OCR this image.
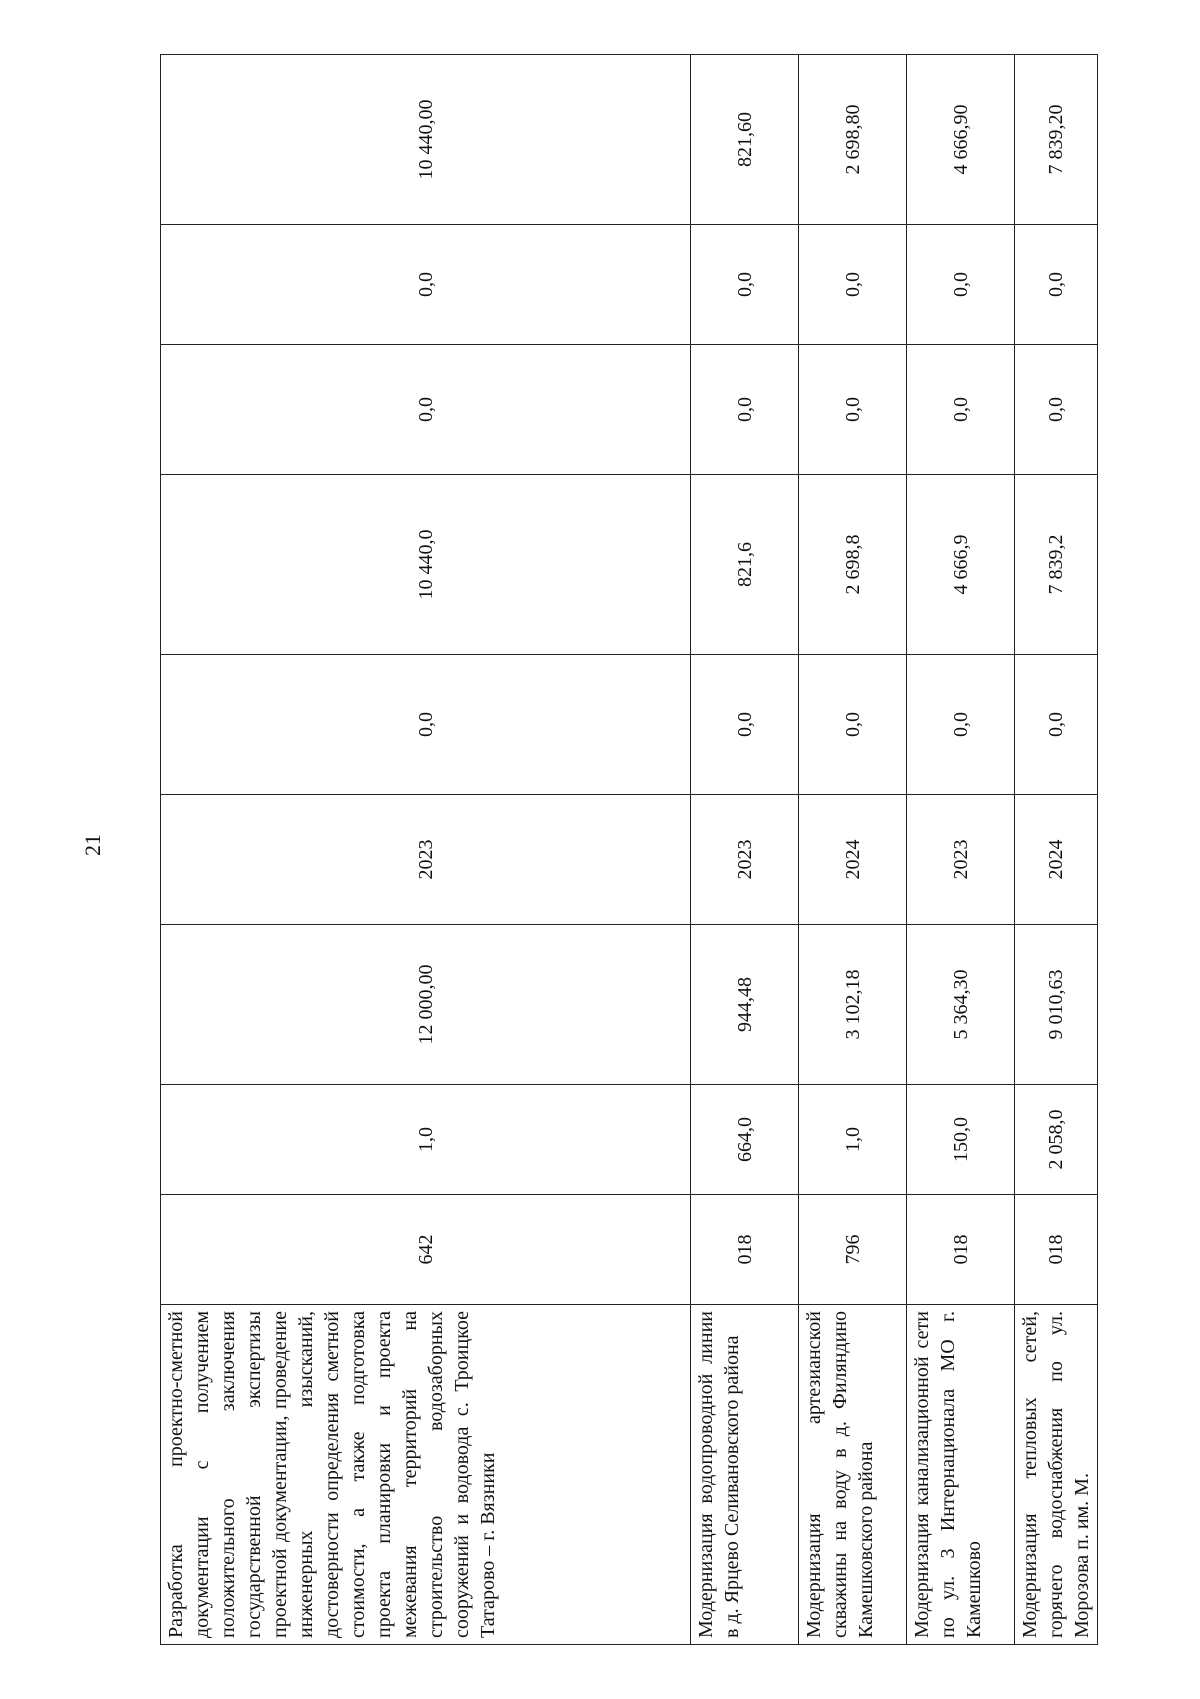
21
Разработка проектно-сметной документации с получением положительного заключения государственной экспертизы проектной документации, проведение инженерных изысканий, достоверности определения сметной стоимости, а также подготовка проекта планировки и проекта межевания территорий на строительство водозаборных сооружений и водовода с. Троицкое Татарово – г. Вязники	642	1,0	12 000,00	2023	0,0	10 440,0	0,0	0,0	10 440,00
Модернизация водопроводной линии в д. Ярцево Селивановского района	018	664,0	944,48	2023	0,0	821,6	0,0	0,0	821,60
Модернизация артезианской скважины на воду в д. Филяндино Камешковского района	796	1,0	3 102,18	2024	0,0	2 698,8	0,0	0,0	2 698,80
Модернизация канализационной сети по ул. 3 Интернационала МО г. Камешково	018	150,0	5 364,30	2023	0,0	4 666,9	0,0	0,0	4 666,90
Модернизация тепловых сетей, горячего водоснабжения по ул. Морозова п. им. М.	018	2 058,0	9 010,63	2024	0,0	7 839,2	0,0	0,0	7 839,20
